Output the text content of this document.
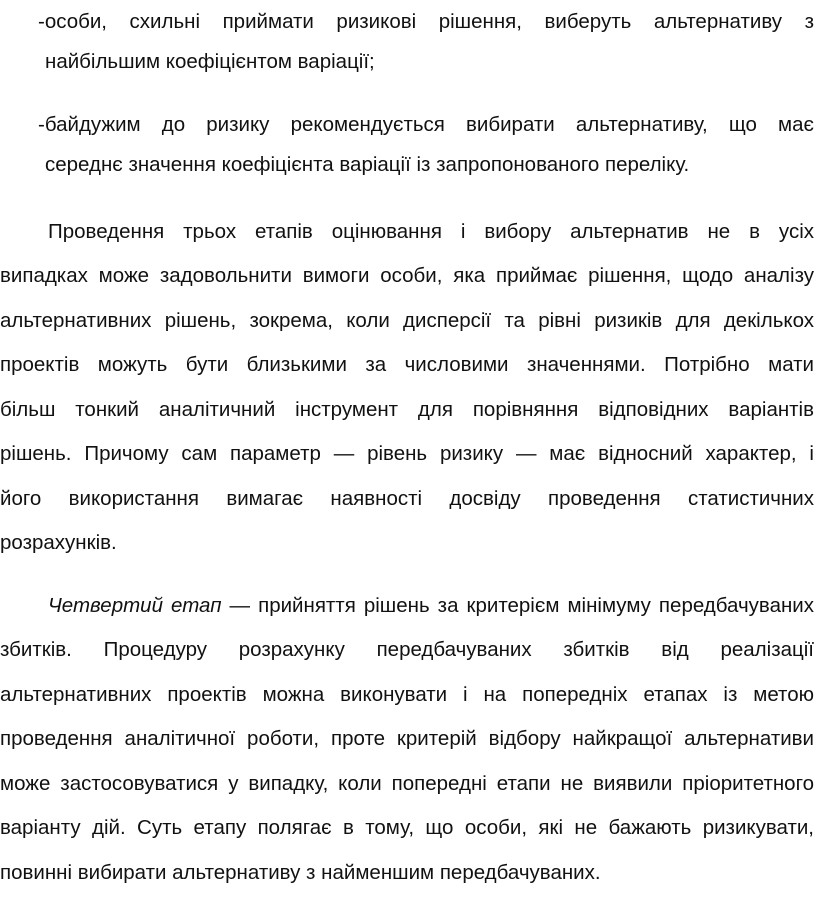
-особи, схильні приймати ризикові рішення, виберуть альтернативу з
найбільшим коефіцієнтом варіації;
-байдужим до ризику рекомендується вибирати альтернативу, що має
середнє значення коефіцієнта варіації із запропонованого переліку.
Проведення трьох етапів оцінювання і вибору альтернатив не в усіх
випадках може задовольнити вимоги особи, яка приймає рішення, щодо аналізу
альтернативних рішень, зокрема, коли дисперсії та рівні ризиків для декількох
проектів можуть бути близькими за числовими значеннями. Потрібно мати
більш тонкий аналітичний інструмент для порівняння відповідних варіантів
рішень. Причому сам параметр — рівень ризику — має відносний характер, і
його використання вимагає наявності досвіду проведення статистичних
розрахунків.
Четвертий етап — прийняття рішень за критерієм мінімуму передбачуваних
збитків. Процедуру розрахунку передбачуваних збитків від реалізації
альтернативних проектів можна виконувати і на попередніх етапах із метою
проведення аналітичної роботи, проте критерій відбору найкращої альтернативи
може застосовуватися у випадку, коли попередні етапи не виявили пріоритетного
варіанту дій. Суть етапу полягає в тому, що особи, які не бажають ризикувати,
повинні вибирати альтернативу з найменшим передбачуваних.
